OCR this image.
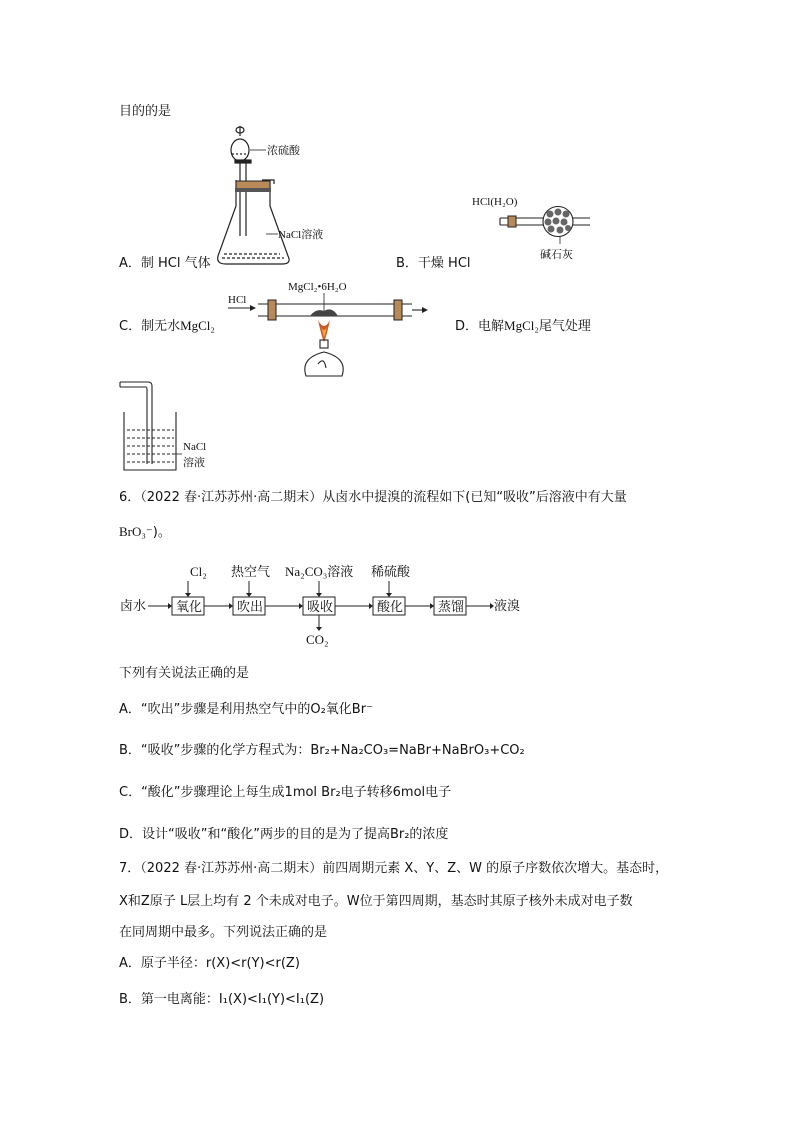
目的的是
浓硫酸
NaCl溶液
A．制 HCl 气体	B．干燥 HCl
HCl(H₂O)
碱石灰
C．制无水MgCl₂	D．电解MgCl₂尾气处理
HCl
MgCl₂•6H₂O
NaCl
溶液
6．（2022 春·江苏苏州·高二期末）从卤水中提溴的流程如下(已知“吸收”后溶液中有大量
BrO₃⁻)。
卤水
Cl₂ 热空气 Na₂CO₃溶液 稀硫酸
CO₂
液溴
氧化	吹出	吸收	酸化	蒸馏
下列有关说法正确的是
A．“吹出”步骤是利用热空气中的O₂氧化Br⁻
B．“吸收”步骤的化学方程式为：Br₂+Na₂CO₃=NaBr+NaBrO₃+CO₂
C．“酸化”步骤理论上每生成1mol Br₂电子转移6mol电子
D．设计“吸收”和“酸化”两步的目的是为了提高Br₂的浓度
7．（2022 春·江苏苏州·高二期末）前四周期元素 X、Y、Z、W 的原子序数依次增大。基态时，
X和Z原子 L层上均有 2 个未成对电子。W位于第四周期，基态时其原子核外未成对电子数
在同周期中最多。下列说法正确的是
A．原子半径：r(X)<r(Y)<r(Z)
B．第一电离能：I₁(X)<I₁(Y)<I₁(Z)
